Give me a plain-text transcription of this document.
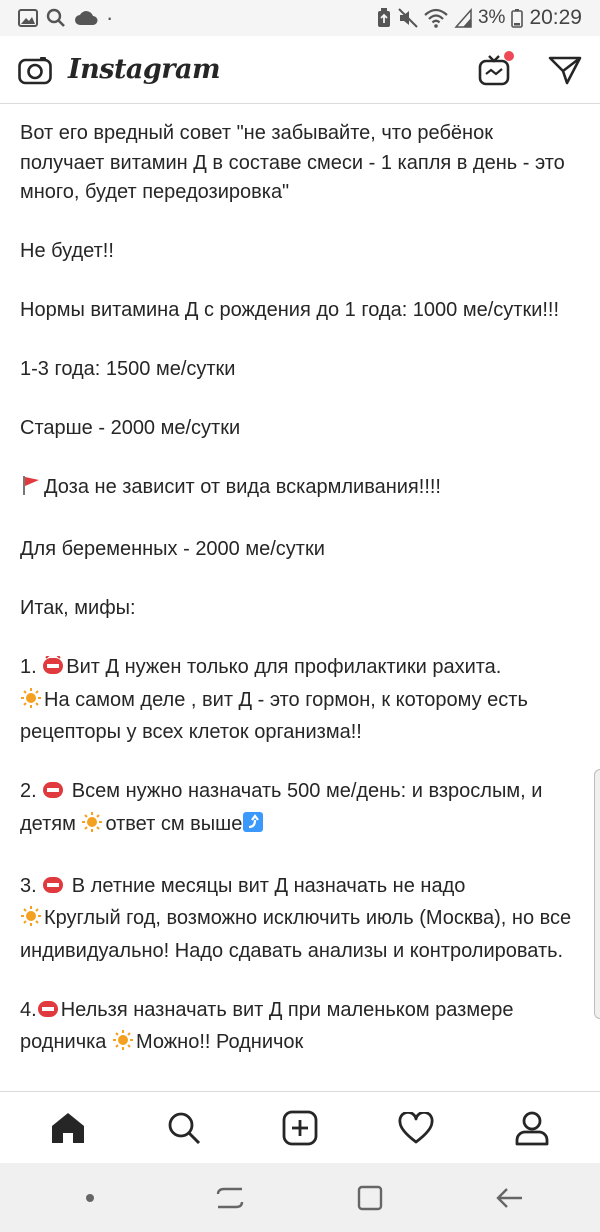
·	3% 20:29
Instagram

Вот его вредный совет "не забывайте, что ребёнок получает витамин Д в составе смеси - 1 капля в день - это много, будет передозировка"

Не будет!!

Нормы витамина Д с рождения до 1 года: 1000 ме/сутки!!!

1-3 года: 1500 ме/сутки

Старше - 2000 ме/сутки

Доза не зависит от вида вскармливания!!!!

Для беременных - 2000 ме/сутки

Итак, мифы:

1. Вит Д нужен только для профилактики рахита.
На самом деле , вит Д - это гормон, к которому есть рецепторы у всех клеток организма!!

2.  Всем нужно назначать 500 ме/день: и взрослым, и детям ответ см выше

3.  В летние месяцы вит Д назначать не надо
Круглый год, возможно исключить июль (Москва), но все индивидуально! Надо сдавать анализы и контролировать.

4. Нельзя назначать вит Д при маленьком размере родничка Можно!! Родничок
